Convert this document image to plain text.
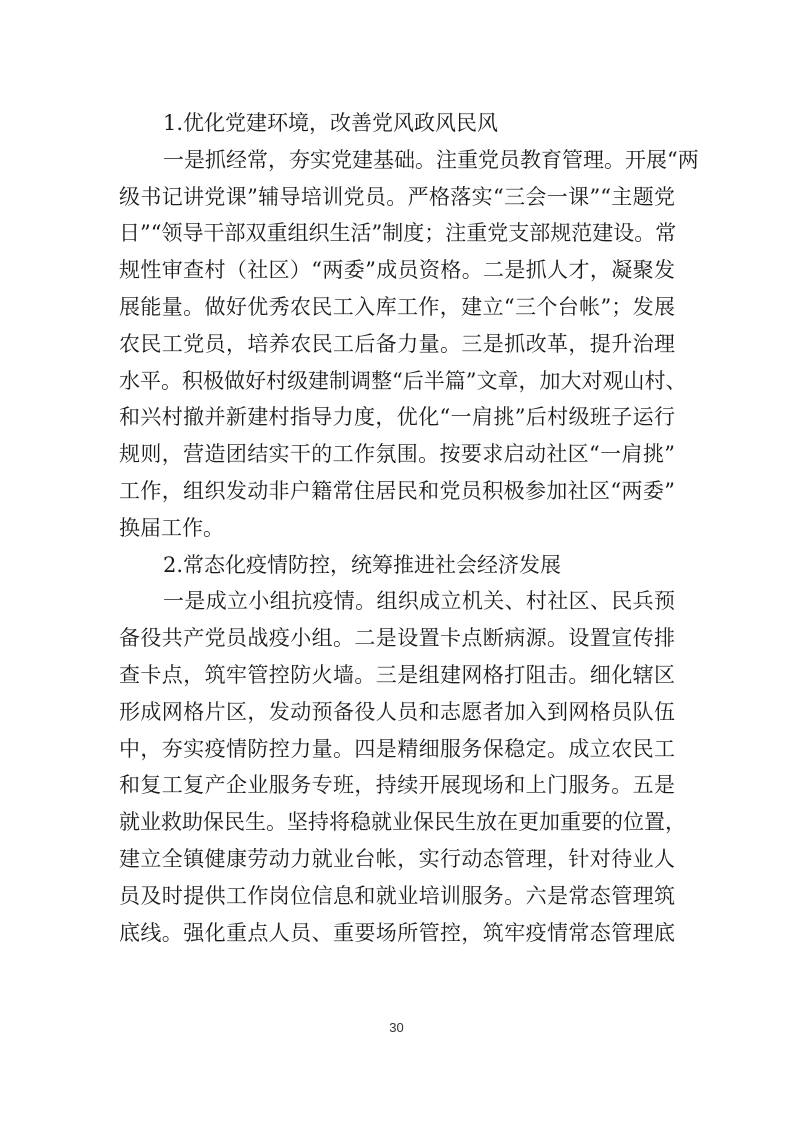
1.优化党建环境，改善党风政风民风
一是抓经常，夯实党建基础。注重党员教育管理。开展“两
级书记讲党课”辅导培训党员。严格落实“三会一课”“主题党
日”“领导干部双重组织生活”制度；注重党支部规范建设。常
规性审查村（社区）“两委”成员资格。二是抓人才，凝聚发
展能量。做好优秀农民工入库工作，建立“三个台帐”；发展
农民工党员，培养农民工后备力量。三是抓改革，提升治理
水平。积极做好村级建制调整“后半篇”文章，加大对观山村、
和兴村撤并新建村指导力度，优化“一肩挑”后村级班子运行
规则，营造团结实干的工作氛围。按要求启动社区“一肩挑”
工作，组织发动非户籍常住居民和党员积极参加社区“两委”
换届工作。
2.常态化疫情防控，统筹推进社会经济发展
一是成立小组抗疫情。组织成立机关、村社区、民兵预
备役共产党员战疫小组。二是设置卡点断病源。设置宣传排
查卡点，筑牢管控防火墙。三是组建网格打阻击。细化辖区
形成网格片区，发动预备役人员和志愿者加入到网格员队伍
中，夯实疫情防控力量。四是精细服务保稳定。成立农民工
和复工复产企业服务专班，持续开展现场和上门服务。五是
就业救助保民生。坚持将稳就业保民生放在更加重要的位置，
建立全镇健康劳动力就业台帐，实行动态管理，针对待业人
员及时提供工作岗位信息和就业培训服务。六是常态管理筑
底线。强化重点人员、重要场所管控，筑牢疫情常态管理底
30
